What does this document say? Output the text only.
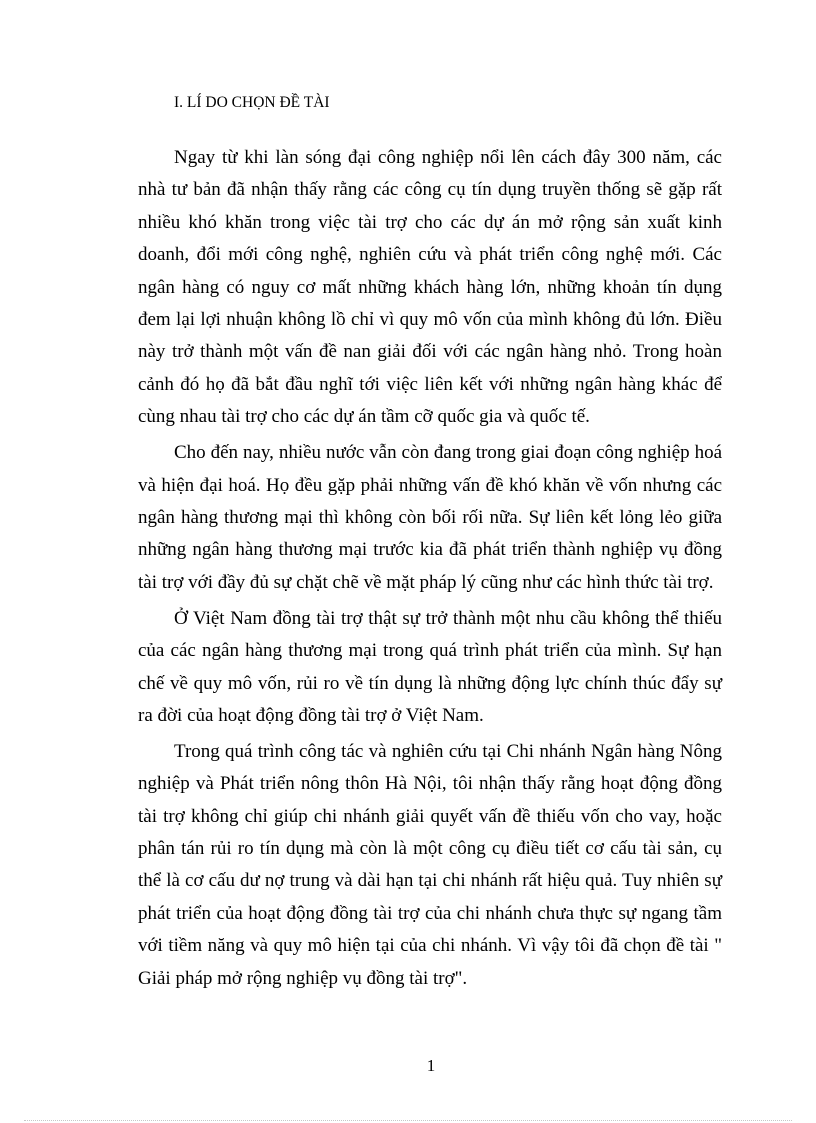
I. LÍ DO CHỌN ĐỀ TÀI

Ngay từ khi làn sóng đại công nghiệp nổi lên cách đây 300 năm, các nhà tư bản đã nhận thấy rằng các công cụ tín dụng truyền thống sẽ gặp rất nhiều khó khăn trong việc tài trợ cho các dự án mở rộng sản xuất kinh doanh, đổi mới công nghệ, nghiên cứu và phát triển công nghệ mới. Các ngân hàng có nguy cơ mất những khách hàng lớn, những khoản tín dụng đem lại lợi nhuận không lồ chỉ vì quy mô vốn của mình không đủ lớn. Điều này trở thành một vấn đề nan giải đối với các ngân hàng nhỏ. Trong hoàn cảnh đó họ đã bắt đầu nghĩ tới việc liên kết với những ngân hàng khác để cùng nhau tài trợ cho các dự án tầm cỡ quốc gia và quốc tế.

Cho đến nay, nhiều nước vẫn còn đang trong giai đoạn công nghiệp hoá và hiện đại hoá. Họ đều gặp phải những vấn đề khó khăn về vốn nhưng các ngân hàng thương mại thì không còn bối rối nữa. Sự liên kết lỏng lẻo giữa những ngân hàng thương mại trước kia đã phát triển thành nghiệp vụ đồng tài trợ với đầy đủ sự chặt chẽ về mặt pháp lý cũng như các hình thức tài trợ.

Ở Việt Nam đồng tài trợ thật sự trở thành một nhu cầu không thể thiếu của các ngân hàng thương mại trong quá trình phát triển của mình. Sự hạn chế về quy mô vốn, rủi ro về tín dụng là những động lực chính thúc đẩy sự ra đời của hoạt động đồng tài trợ ở Việt Nam.

Trong quá trình công tác và nghiên cứu tại Chi nhánh Ngân hàng Nông nghiệp và Phát triển nông thôn Hà Nội, tôi nhận thấy rằng hoạt động đồng tài trợ không chỉ giúp chi nhánh giải quyết vấn đề thiếu vốn cho vay, hoặc phân tán rủi ro tín dụng mà còn là một công cụ điều tiết cơ cấu tài sản, cụ thể là cơ cấu dư nợ trung và dài hạn tại chi nhánh rất hiệu quả. Tuy nhiên sự phát triển của hoạt động đồng tài trợ của chi nhánh chưa thực sự ngang tầm với tiềm năng và quy mô hiện tại của chi nhánh. Vì vậy tôi đã chọn đề tài " Giải pháp mở rộng nghiệp vụ đồng tài trợ".

1
